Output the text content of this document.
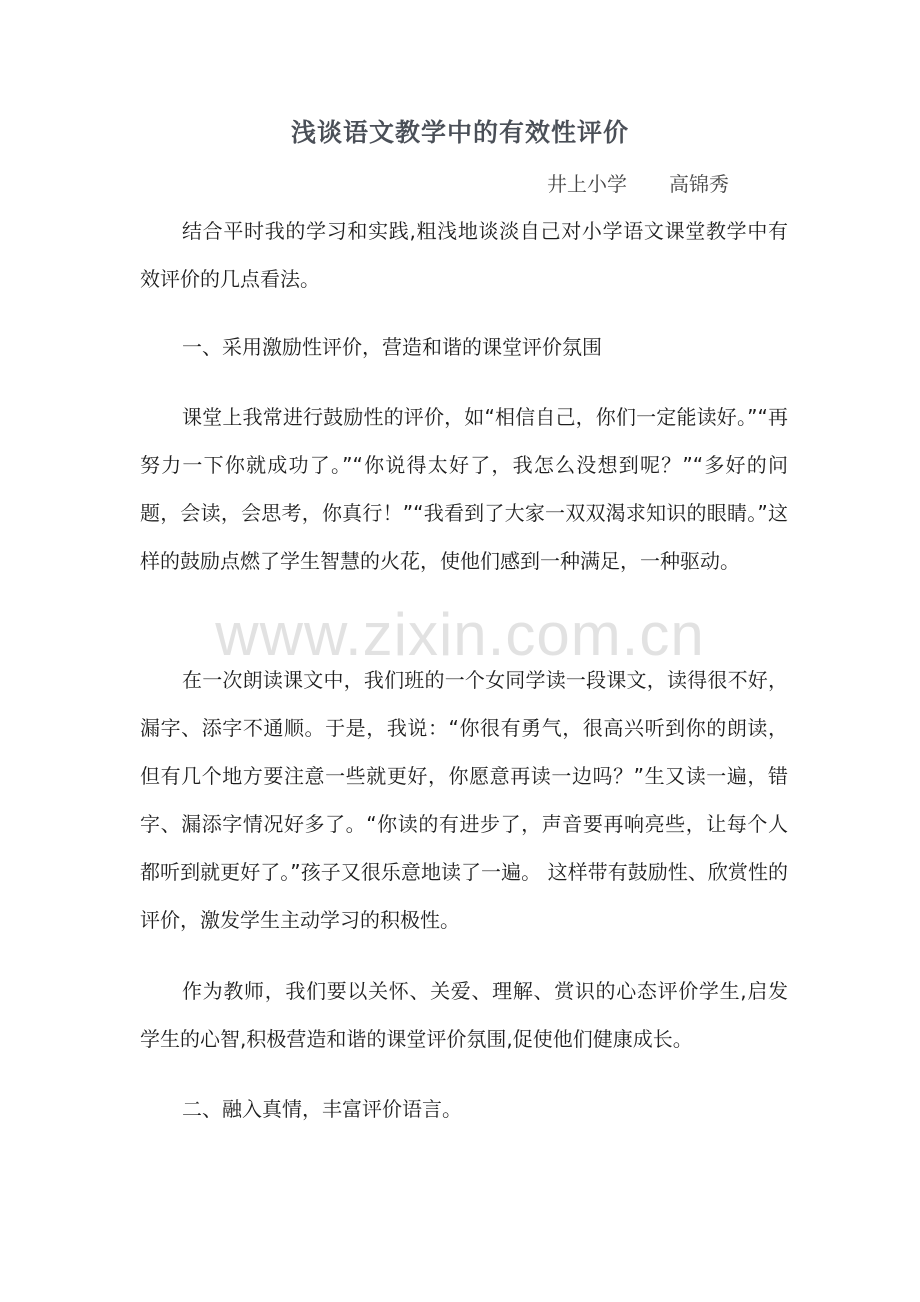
浅谈语文教学中的有效性评价
井上小学 高锦秀

结合平时我的学习和实践,粗浅地谈淡自己对小学语文课堂教学中有效评价的几点看法。

一、采用激励性评价，营造和谐的课堂评价氛围

课堂上我常进行鼓励性的评价，如“相信自己，你们一定能读好。”“再努力一下你就成功了。”“你说得太好了，我怎么没想到呢？”“多好的问题，会读，会思考，你真行！”“我看到了大家一双双渴求知识的眼睛。”这样的鼓励点燃了学生智慧的火花，使他们感到一种满足，一种驱动。

在一次朗读课文中，我们班的一个女同学读一段课文，读得很不好，漏字、添字不通顺。于是，我说：“你很有勇气，很高兴听到你的朗读，但有几个地方要注意一些就更好，你愿意再读一边吗？”生又读一遍，错字、漏添字情况好多了。“你读的有进步了，声音要再响亮些，让每个人都听到就更好了。”孩子又很乐意地读了一遍。 这样带有鼓励性、欣赏性的评价，激发学生主动学习的积极性。

作为教师，我们要以关怀、关爱、理解、赏识的心态评价学生,启发学生的心智,积极营造和谐的课堂评价氛围,促使他们健康成长。

二、融入真情，丰富评价语言。

www.zixin.com.cn
